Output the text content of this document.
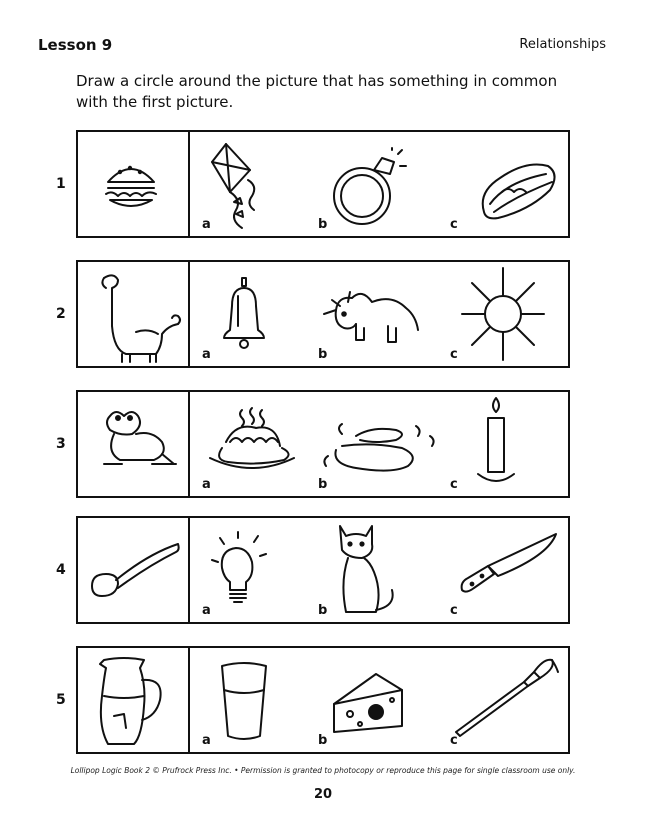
Lesson 9	Relationships
Draw a circle around the picture that has something in common with the first picture.
1
a	b	c
2
a	b	c
3
a	b	c
4
a	b	c
5
a	b	c
Lollipop Logic Book 2 © Prufrock Press Inc. • Permission is granted to photocopy or reproduce this page for single classroom use only.
20
